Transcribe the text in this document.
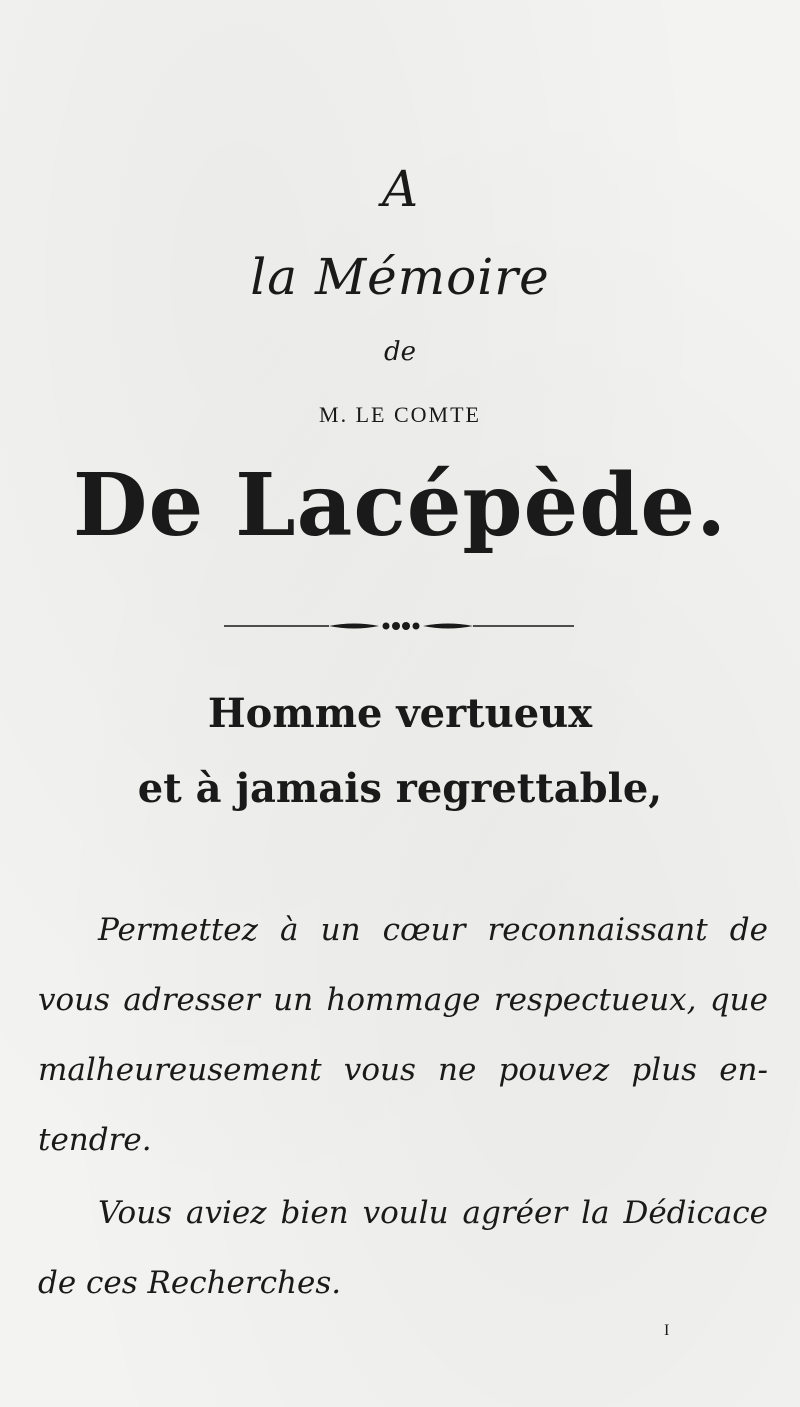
A
la Mémoire
de
M. LE COMTE
De Lacépède.
Homme vertueux
et à jamais regrettable,
Permettez à un cœur reconnaissant de
vous adresser un hommage respectueux, que
malheureusement vous ne pouvez plus en-
tendre.
Vous aviez bien voulu agréer la Dédicace
de ces Recherches.
I
